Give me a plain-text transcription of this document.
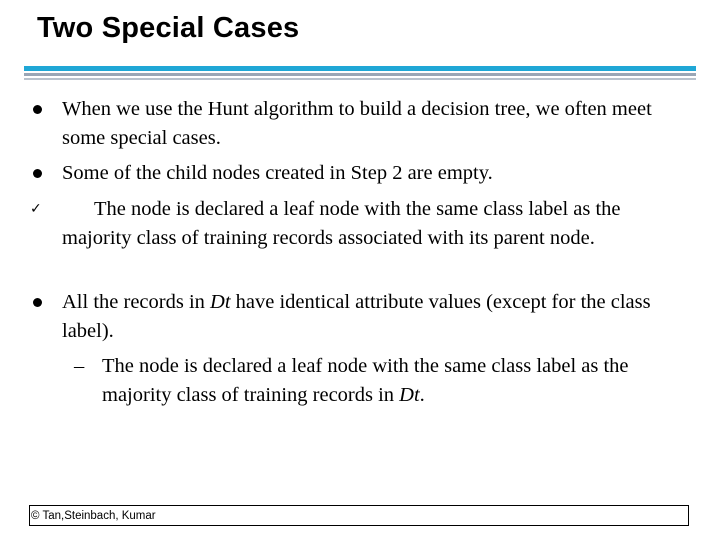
Two Special Cases
When we use the Hunt algorithm to build a decision tree, we often meet some special cases.
Some of the child nodes created in Step 2 are empty.
✓	The node is declared a leaf node with the same class label as the majority class of training records associated with its parent node.
All the records in Dt have identical attribute values (except for the class label).
– The node is declared a leaf node with the same class label as the majority class of training records in Dt.
© Tan,Steinbach, Kumar
